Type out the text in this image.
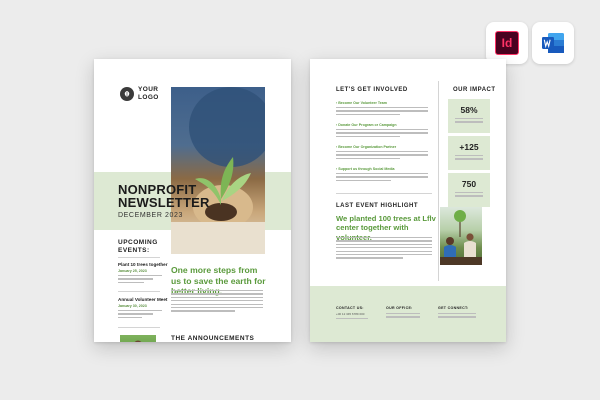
Id
YOUR
LOGO
NONPROFIT
NEWSLETTER
DECEMBER 2023
UPCOMING
EVENTS:
Plant 10 trees together
January 25, 2023
Annual Volunteer Meet
January 30, 2023
One more steps from us to save the earth for
THE ANNOUNCEMENTS
LET'S GET INVOLVED
› Become Our Volunteer Team
› Donate Our Program or Campaign
› Become Our Organization Partner
› Support us through Social Media
OUR IMPACT
58%
+125
750
LAST EVENT HIGHLIGHT
We planted 100 trees at Lflv center together with
CONTACT US:
+00 12 345 6789 000
OUR OFFICE:	GET CONNECT:
